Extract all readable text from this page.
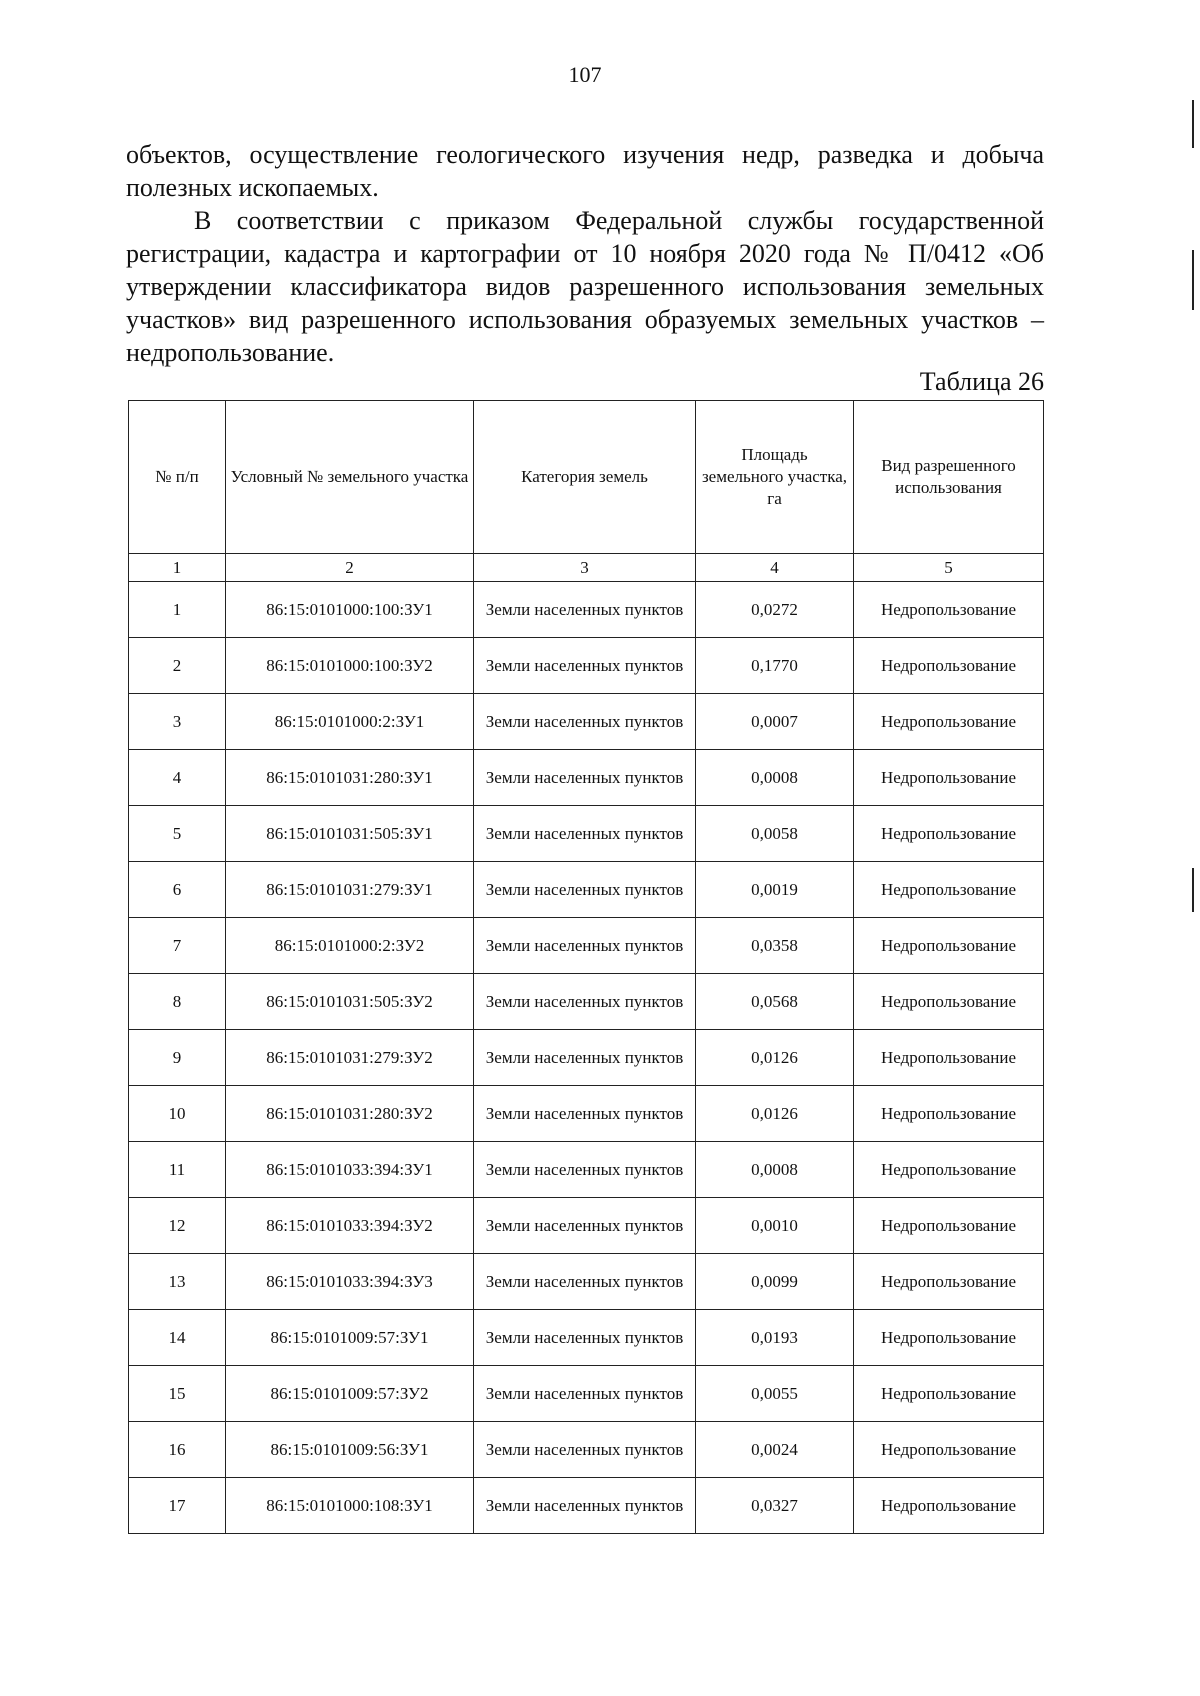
107

объектов, осуществление геологического изучения недр, разведка и добыча полезных ископаемых.

В соответствии с приказом Федеральной службы государственной регистрации, кадастра и картографии от 10 ноября 2020 года № П/0412 «Об утверждении классификатора видов разрешенного использования земельных участков» вид разрешенного использования образуемых земельных участков – недропользование.

Таблица 26
№ п/п	Условный № земельного участка	Категория земель	Площадь земельного участка, га	Вид разрешенного использования
1	2	3	4	5
1	86:15:0101000:100:ЗУ1	Земли населенных пунктов	0,0272	Недропользование
2	86:15:0101000:100:ЗУ2	Земли населенных пунктов	0,1770	Недропользование
3	86:15:0101000:2:ЗУ1	Земли населенных пунктов	0,0007	Недропользование
4	86:15:0101031:280:ЗУ1	Земли населенных пунктов	0,0008	Недропользование
5	86:15:0101031:505:ЗУ1	Земли населенных пунктов	0,0058	Недропользование
6	86:15:0101031:279:ЗУ1	Земли населенных пунктов	0,0019	Недропользование
7	86:15:0101000:2:ЗУ2	Земли населенных пунктов	0,0358	Недропользование
8	86:15:0101031:505:ЗУ2	Земли населенных пунктов	0,0568	Недропользование
9	86:15:0101031:279:ЗУ2	Земли населенных пунктов	0,0126	Недропользование
10	86:15:0101031:280:ЗУ2	Земли населенных пунктов	0,0126	Недропользование
11	86:15:0101033:394:ЗУ1	Земли населенных пунктов	0,0008	Недропользование
12	86:15:0101033:394:ЗУ2	Земли населенных пунктов	0,0010	Недропользование
13	86:15:0101033:394:ЗУ3	Земли населенных пунктов	0,0099	Недропользование
14	86:15:0101009:57:ЗУ1	Земли населенных пунктов	0,0193	Недропользование
15	86:15:0101009:57:ЗУ2	Земли населенных пунктов	0,0055	Недропользование
16	86:15:0101009:56:ЗУ1	Земли населенных пунктов	0,0024	Недропользование
17	86:15:0101000:108:ЗУ1	Земли населенных пунктов	0,0327	Недропользование
